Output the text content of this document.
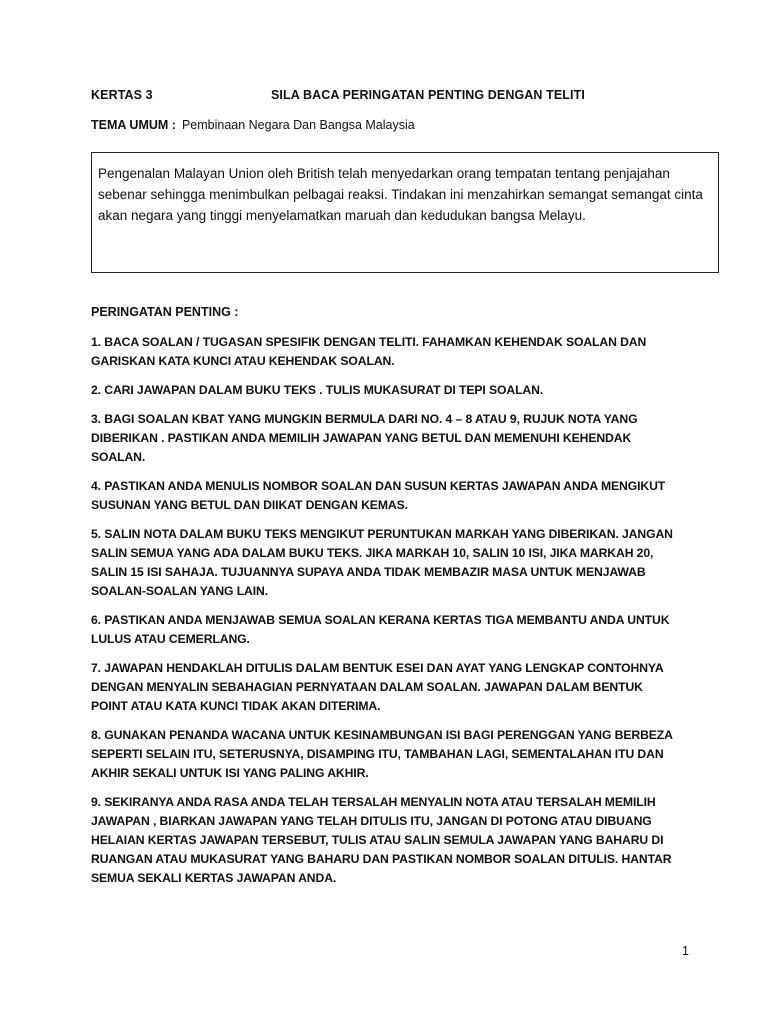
KERTAS 3	SILA BACA PERINGATAN PENTING DENGAN TELITI
TEMA UMUM : Pembinaan Negara Dan Bangsa Malaysia
Pengenalan Malayan Union oleh British telah menyedarkan orang tempatan tentang penjajahan sebenar sehingga menimbulkan pelbagai reaksi. Tindakan ini menzahirkan semangat semangat cinta akan negara yang tinggi menyelamatkan maruah dan kedudukan bangsa Melayu.
PERINGATAN PENTING :

1. BACA SOALAN / TUGASAN SPESIFIK DENGAN TELITI. FAHAMKAN KEHENDAK SOALAN DAN GARISKAN KATA KUNCI ATAU KEHENDAK SOALAN.

2. CARI JAWAPAN DALAM BUKU TEKS . TULIS MUKASURAT DI TEPI SOALAN.

3. BAGI SOALAN KBAT YANG MUNGKIN BERMULA DARI NO. 4 – 8 ATAU 9, RUJUK NOTA YANG DIBERIKAN . PASTIKAN ANDA MEMILIH JAWAPAN YANG BETUL DAN MEMENUHI KEHENDAK SOALAN.

4. PASTIKAN ANDA MENULIS NOMBOR SOALAN DAN SUSUN KERTAS JAWAPAN ANDA MENGIKUT SUSUNAN YANG BETUL DAN DIIKAT DENGAN KEMAS.

5. SALIN NOTA DALAM BUKU TEKS MENGIKUT PERUNTUKAN MARKAH YANG DIBERIKAN. JANGAN SALIN SEMUA YANG ADA DALAM BUKU TEKS. JIKA MARKAH 10, SALIN 10 ISI, JIKA MARKAH 20, SALIN 15 ISI SAHAJA. TUJUANNYA SUPAYA ANDA TIDAK MEMBAZIR MASA UNTUK MENJAWAB SOALAN-SOALAN YANG LAIN.

6. PASTIKAN ANDA MENJAWAB SEMUA SOALAN KERANA KERTAS TIGA MEMBANTU ANDA UNTUK LULUS ATAU CEMERLANG.

7. JAWAPAN HENDAKLAH DITULIS DALAM BENTUK ESEI DAN AYAT YANG LENGKAP CONTOHNYA DENGAN MENYALIN SEBAHAGIAN PERNYATAAN DALAM SOALAN. JAWAPAN DALAM BENTUK POINT ATAU KATA KUNCI TIDAK AKAN DITERIMA.

8. GUNAKAN PENANDA WACANA UNTUK KESINAMBUNGAN ISI BAGI PERENGGAN YANG BERBEZA SEPERTI SELAIN ITU, SETERUSNYA, DISAMPING ITU, TAMBAHAN LAGI, SEMENTALAHAN ITU DAN AKHIR SEKALI UNTUK ISI YANG PALING AKHIR.

9. SEKIRANYA ANDA RASA ANDA TELAH TERSALAH MENYALIN NOTA ATAU TERSALAH MEMILIH JAWAPAN , BIARKAN JAWAPAN YANG TELAH DITULIS ITU, JANGAN DI POTONG ATAU DIBUANG HELAIAN KERTAS JAWAPAN TERSEBUT, TULIS ATAU SALIN SEMULA JAWAPAN YANG BAHARU DI RUANGAN ATAU MUKASURAT YANG BAHARU DAN PASTIKAN NOMBOR SOALAN DITULIS. HANTAR SEMUA SEKALI KERTAS JAWAPAN ANDA.

1
